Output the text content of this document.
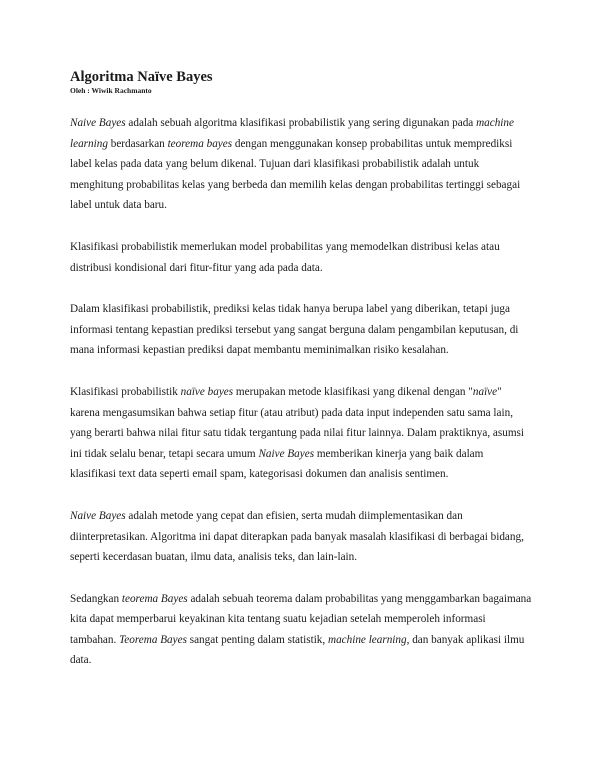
Algoritma Naïve Bayes

Oleh : Wiwik Rachmanto

Naive Bayes adalah sebuah algoritma klasifikasi probabilistik yang sering digunakan pada machine learning berdasarkan teorema bayes dengan menggunakan konsep probabilitas untuk memprediksi label kelas pada data yang belum dikenal. Tujuan dari klasifikasi probabilistik adalah untuk menghitung probabilitas kelas yang berbeda dan memilih kelas dengan probabilitas tertinggi sebagai label untuk data baru.

Klasifikasi probabilistik memerlukan model probabilitas yang memodelkan distribusi kelas atau distribusi kondisional dari fitur-fitur yang ada pada data.

Dalam klasifikasi probabilistik, prediksi kelas tidak hanya berupa label yang diberikan, tetapi juga informasi tentang kepastian prediksi tersebut yang sangat berguna dalam pengambilan keputusan, di mana informasi kepastian prediksi dapat membantu meminimalkan risiko kesalahan.

Klasifikasi probabilistik naïve bayes merupakan metode klasifikasi yang dikenal dengan "naïve" karena mengasumsikan bahwa setiap fitur (atau atribut) pada data input independen satu sama lain, yang berarti bahwa nilai fitur satu tidak tergantung pada nilai fitur lainnya. Dalam praktiknya, asumsi ini tidak selalu benar, tetapi secara umum Naive Bayes memberikan kinerja yang baik dalam klasifikasi text data seperti email spam, kategorisasi dokumen dan analisis sentimen.

Naive Bayes adalah metode yang cepat dan efisien, serta mudah diimplementasikan dan diinterpretasikan. Algoritma ini dapat diterapkan pada banyak masalah klasifikasi di berbagai bidang, seperti kecerdasan buatan, ilmu data, analisis teks, dan lain-lain.

Sedangkan teorema Bayes adalah sebuah teorema dalam probabilitas yang menggambarkan bagaimana kita dapat memperbarui keyakinan kita tentang suatu kejadian setelah memperoleh informasi tambahan. Teorema Bayes sangat penting dalam statistik, machine learning, dan banyak aplikasi ilmu data.
